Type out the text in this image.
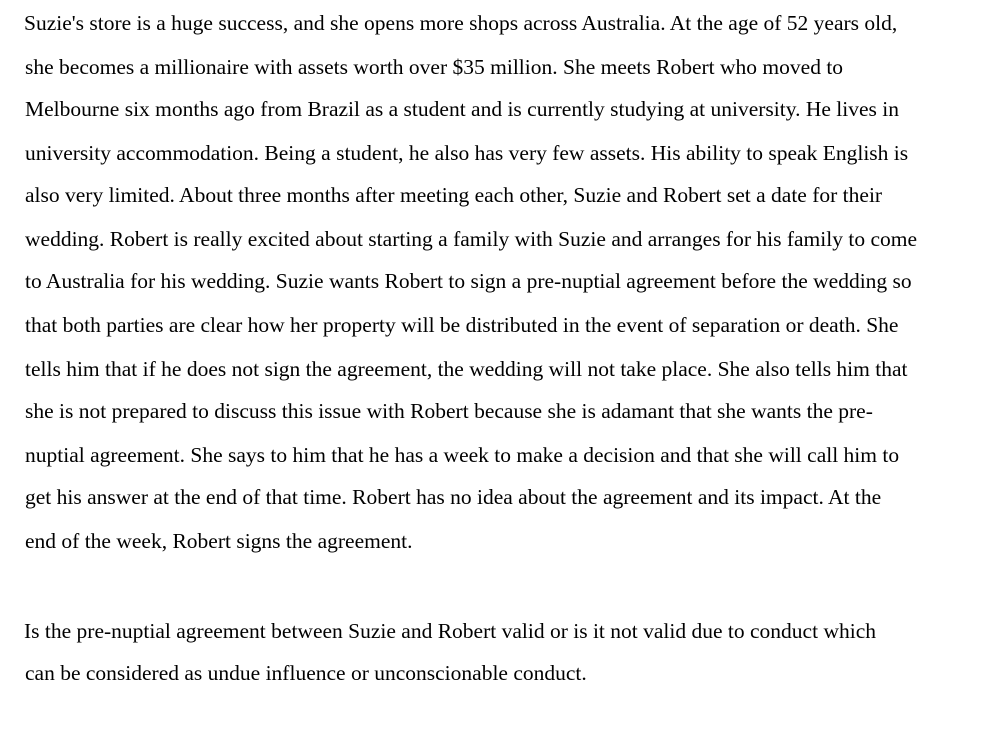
Suzie's store is a huge success, and she opens more shops across Australia. At the age of 52 years old,
she becomes a millionaire with assets worth over $35 million. She meets Robert who moved to
Melbourne six months ago from Brazil as a student and is currently studying at university. He lives in
university accommodation. Being a student, he also has very few assets. His ability to speak English is
also very limited. About three months after meeting each other, Suzie and Robert set a date for their
wedding. Robert is really excited about starting a family with Suzie and arranges for his family to come
to Australia for his wedding. Suzie wants Robert to sign a pre-nuptial agreement before the wedding so
that both parties are clear how her property will be distributed in the event of separation or death. She
tells him that if he does not sign the agreement, the wedding will not take place. She also tells him that
she is not prepared to discuss this issue with Robert because she is adamant that she wants the pre-
nuptial agreement. She says to him that he has a week to make a decision and that she will call him to
get his answer at the end of that time. Robert has no idea about the agreement and its impact. At the
end of the week, Robert signs the agreement.
Is the pre-nuptial agreement between Suzie and Robert valid or is it not valid due to conduct which
can be considered as undue influence or unconscionable conduct.
